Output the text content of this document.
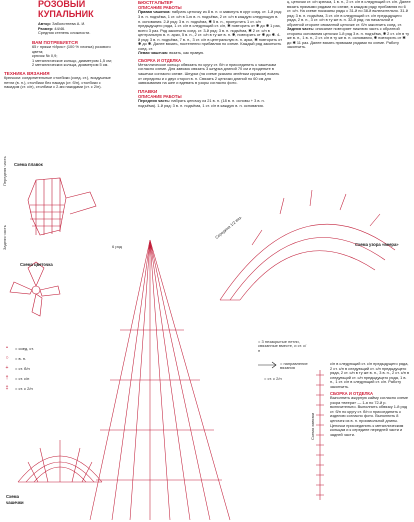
РОЗОВЫЙ
КУПАЛЬНИК

Автор: Заболотнева А. И.

Размер: 44/46.

Средняя степень сложности.

ВАМ ПОТРЕБУЕТСЯ

65 г пряжи «Ирис» (100 % хлопка) розового цвета;

крючок № 0,9;

1 металлическое кольцо, диаметром 1,5 см;

2 металлических кольца, диаметром 5 см.

ТЕХНИКА ВЯЗАНИЯ

Крючком: соединительные столбики (соед. ст.), воздушные петли (в. п.), столбики без накида (ст. б/н), столбики с накидом (ст. с/н), столбики с 2-мя накидами (ст. с 2/н).

Схема плавок
Передняя часть
Задняя часть
Схема цветочка
Схема
чашечки
•	= соед. ст.
○	= в. п.
+	= ст. б/н
†	= ст. с/н
‡	= ст. с 2/н
БЮСТГАЛЬТЕР
ОПИСАНИЕ РАБОТЫ

Правая чашечка: набрать цепочку из 8 в. п. и замкнуть в круг соед. ст. 1-й ряд: 3 в. п. подъёма, 1 ст. с/н в 1-ю в. п. подъёма, 2 ст. с/н в каждую следующую в. п. основания. 2-й ряд: 3 в. п. подъёма, ✱ 5 в. п., пропустить 1 ст. с/н предыдущего ряда, 1 ст. с/н в следующий ст. с/н, ✱ повторить от ✱ до ✱ 1 раз, всего 3 раз. Ряд закончить соед. ст. 3-й ряд: 3 в. п. подъёма, ✱ 2 ст. с/н в центральную в. п. арки, 5 в. п., 2 ст. с/н в ту же в. п. ✱, повторить от ✱ до ✱. 4-й ряд: 3 в. п. подъёма, 7 в. п., 3 ст. с/н в центральную в. п. арки, ✱ повторить от ✱ до ✱. Далее вязать, постепенно прибавляя по схеме. Каждый ряд закончить соед. ст.

Левая чашечка: вязать, как правую.

СБОРКА И ОТДЕЛКА

Металлическое кольцо обвязать по кругу ст. б/н и присоединить к чашечкам согласно схеме. Для завязок связать 3 шнурка длиной 70 см и проденьте в чашечки согласно схеме. Шнурки (на схеме указано зелёным кружком) вязать от середины и с двух сторон в. п. Связать 2 цепочки длиной по 60 см для завязывания на шее и вдевать в узоры согласно фото.

ПЛАВКИ
ОПИСАНИЕ РАБОТЫ

Передняя часть: набрать цепочку из 21 в. п. (18 в. п. основы + 3 в. п. подъёма). 1-й ряд: 3 в. п. подъёма, 1 ст. с/н в каждую в. п. основания.

ц. цепочки ст. с/н крючка, 1 в. п., 2 ст. с/н в следующий ст. с/н. Далее вязать прямыми рядами по схеме, в каждом ряду прибавляя по 6 ст. с/н. На схеме показаны ряды с 31-й по 38-й включительно. 31-й ряд: 3 в. п. подъёма, 3 ст. с/н в следующий ст. с/н предыдущего ряда, 2 в. п., 3 ст. с/н в ту же в. п. 32-й ряд: на начальной и обратной стороне связанной цепочке ст. б/н закончить соед. ст.

Задняя часть: описание повторяет нижнюю часть с обратной стороны основания цепочки 1-й ряд 3 в. п. подъёма, ✱ 2 ст. с/н в ту же в. п., 1 в. п., 2 ст. с/н в ту же в. п. основания, ✱ повторить от ✱ до ✱ 11 раз. Далее вязать прямыми рядами по схеме. Работу закончить.

Схема узора «веера»
Середина 1/2 вяз.
6 ряд
= 3 незакрытые петли, связанные вместе, и ст. с/н
= направление вязания
= ст. с 2/н
Схема завязки

с/н в следующий ст. с/н предыдущего ряда, 2 ст. с/н в следующий ст. с/н предыдущего ряда, 2 ст. с/н в ту же в. п., 3 в. п., 2 ст. с/н в следующий ст. с/н предыдущего ряда, 1 в. п., 1 ст. с/н в следующий ст. с/н. Работу закончить.

СБОРКА И ОТДЕЛКА

Выполнить ажурную кайму согласно схеме узора «веера» — 1-я по 72-й р. включительно. Выполнить обвязку 1-й ряд ст. б/н по кругу ст. б/н и присоединить к изделию согласно фото. Выполнить 8 цепочек из в. п. произвольной длины. Цепочки присоединить к металлическим кольцам и к середине передней части и задней части.
